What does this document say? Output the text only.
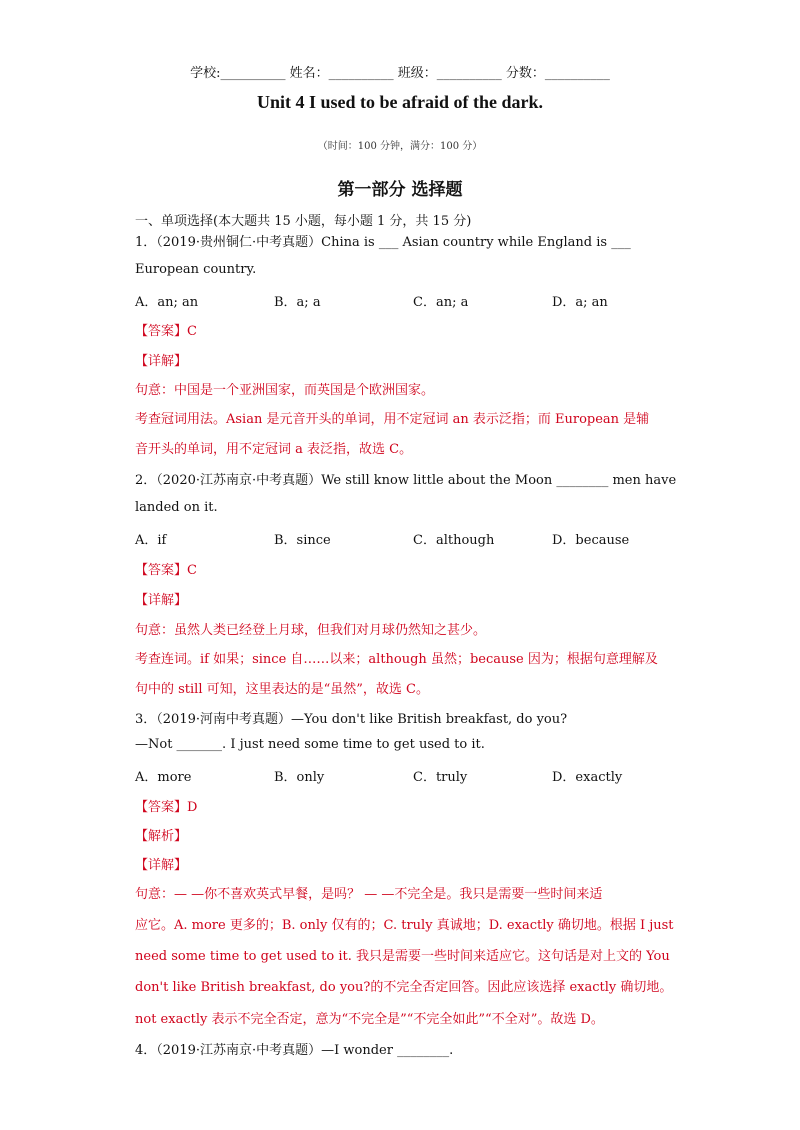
学校:__________ 姓名：__________ 班级：__________ 分数：__________
Unit 4 I used to be afraid of the dark.
（时间：100 分钟，满分：100 分）
第一部分 选择题
一、单项选择(本大题共 15 小题，每小题 1 分，共 15 分)
1．（2019·贵州铜仁·中考真题）China is ___ Asian country while England is ___
European country.
A．an; an	B．a; a	C．an; a	D．a; an
【答案】C
【详解】
句意：中国是一个亚洲国家，而英国是个欧洲国家。
考查冠词用法。Asian 是元音开头的单词，用不定冠词 an 表示泛指；而 European 是辅
音开头的单词，用不定冠词 a 表泛指，故选 C。
2．（2020·江苏南京·中考真题）We still know little about the Moon ________ men have
landed on it.
A．if	B．since	C．although	D．because
【答案】C
【详解】
句意：虽然人类已经登上月球，但我们对月球仍然知之甚少。
考查连词。if 如果；since 自……以来；although 虽然；because 因为；根据句意理解及
句中的 still 可知，这里表达的是“虽然”，故选 C。
3．（2019·河南中考真题）—You don't like British breakfast, do you?
—Not _______. I just need some time to get used to it.
A．more	B．only	C．truly	D．exactly
【答案】D
【解析】
【详解】
句意：— —你不喜欢英式早餐，是吗？ — —不完全是。我只是需要一些时间来适
应它。A. more 更多的；B. only 仅有的；C. truly 真诚地；D. exactly 确切地。根据 I just
need some time to get used to it. 我只是需要一些时间来适应它。这句话是对上文的 You
don't like British breakfast, do you?的不完全否定回答。因此应该选择 exactly 确切地。
not exactly 表示不完全否定，意为“不完全是”“不完全如此”“不全对”。故选 D。
4．（2019·江苏南京·中考真题）—I wonder ________.
